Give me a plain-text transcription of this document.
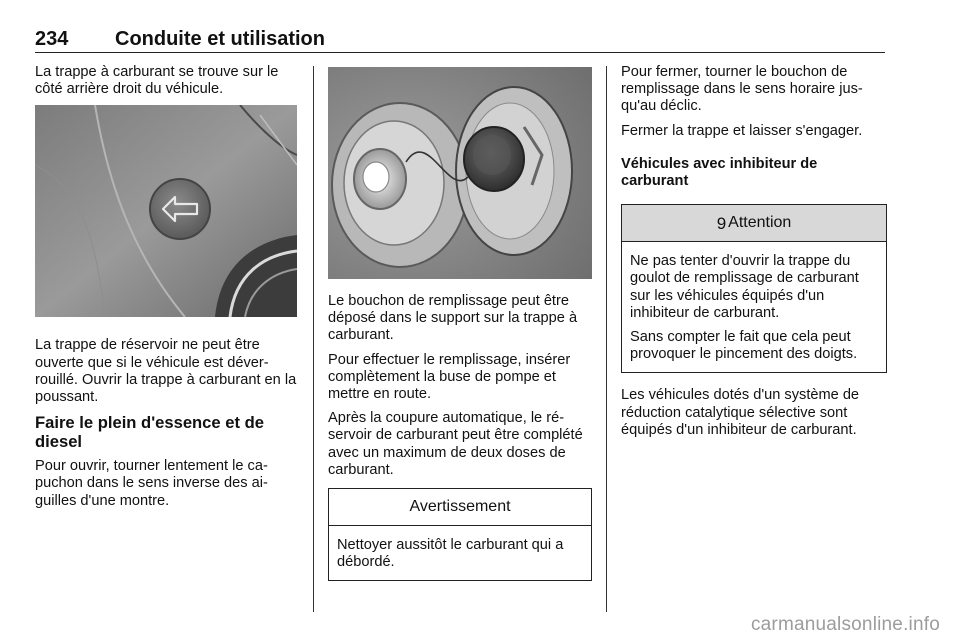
234 Conduite et utilisation

La trappe à carburant se trouve sur le côté arrière droit du véhicule.

La trappe de réservoir ne peut être ouverte que si le véhicule est déverrouillé. Ouvrir la trappe à carburant en la poussant.

Faire le plein d'essence et de diesel

Pour ouvrir, tourner lentement le capuchon dans le sens inverse des aiguilles d'une montre.

Le bouchon de remplissage peut être déposé dans le support sur la trappe à carburant.

Pour effectuer le remplissage, insérer complètement la buse de pompe et mettre en route.

Après la coupure automatique, le réservoir de carburant peut être complété avec un maximum de deux doses de carburant.

Avertissement

Nettoyer aussitôt le carburant qui a débordé.

Pour fermer, tourner le bouchon de remplissage dans le sens horaire jusqu'au déclic.

Fermer la trappe et laisser s'engager.

Véhicules avec inhibiteur de carburant
9 Attention

Ne pas tenter d'ouvrir la trappe du goulot de remplissage de carburant sur les véhicules équipés d'un inhibiteur de carburant.

Sans compter le fait que cela peut provoquer le pincement des doigts.

Les véhicules dotés d'un système de réduction catalytique sélective sont équipés d'un inhibiteur de carburant.

carmanualsonline.info
